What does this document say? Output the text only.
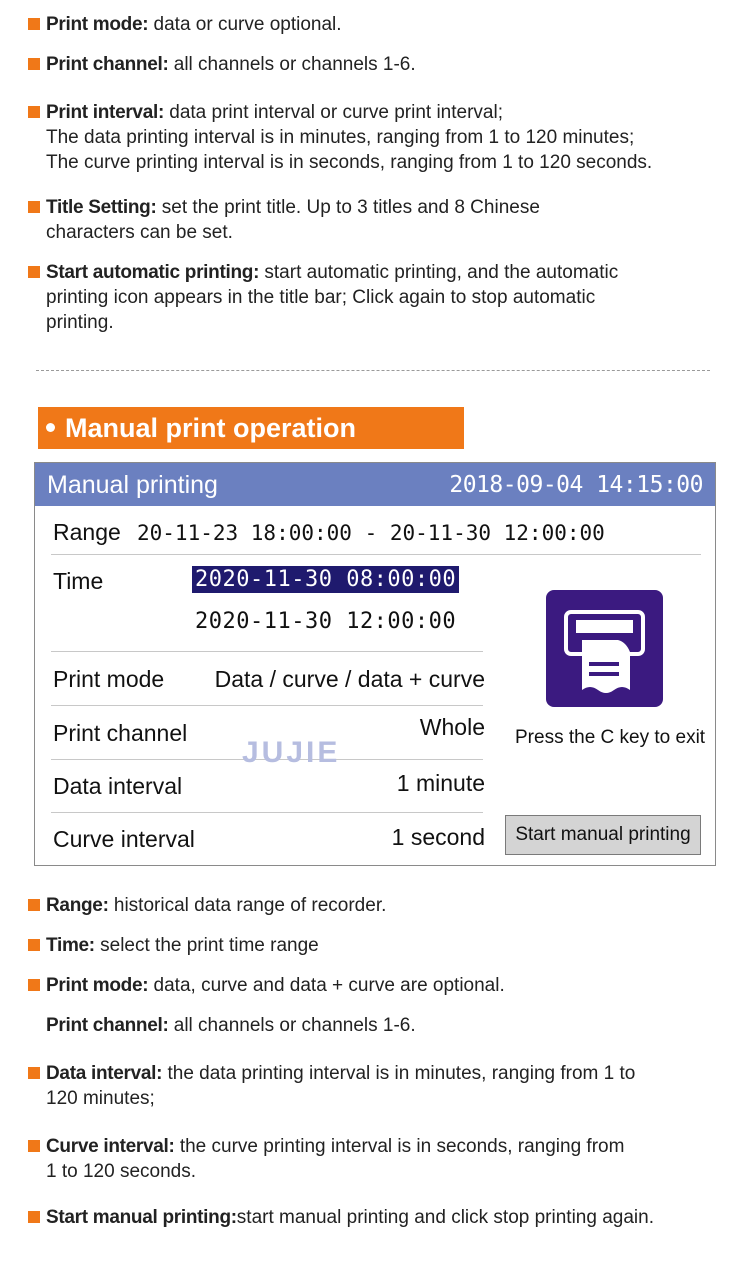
Print mode: data or curve optional.
Print channel: all channels or channels 1-6.
Print interval: data print interval or curve print interval;
The data printing interval is in minutes, ranging from 1 to 120 minutes;
The curve printing interval is in seconds, ranging from 1 to 120 seconds.
Title Setting: set the print title. Up to 3 titles and 8 Chinese
characters can be set.
Start automatic printing: start automatic printing, and the automatic
printing icon appears in the title bar; Click again to stop automatic
printing.
Manual print operation
Manual printing	2018-09-04 14:15:00
Range 20-11-23 18:00:00 - 20-11-30 12:00:00
Time	2020-11-30 08:00:00
2020-11-30 12:00:00
Print mode Data / curve / data + curve
Print channel	Whole
Data interval	1 minute
Curve interval	1 second
JUJIE	Press the C key to exit
Start manual printing
Range: historical data range of recorder.
Time: select the print time range
Print mode: data, curve and data + curve are optional.
Print channel: all channels or channels 1-6.
Data interval: the data printing interval is in minutes, ranging from 1 to
120 minutes;
Curve interval: the curve printing interval is in seconds, ranging from
1 to 120 seconds.
Start manual printing:start manual printing and click stop printing again.
